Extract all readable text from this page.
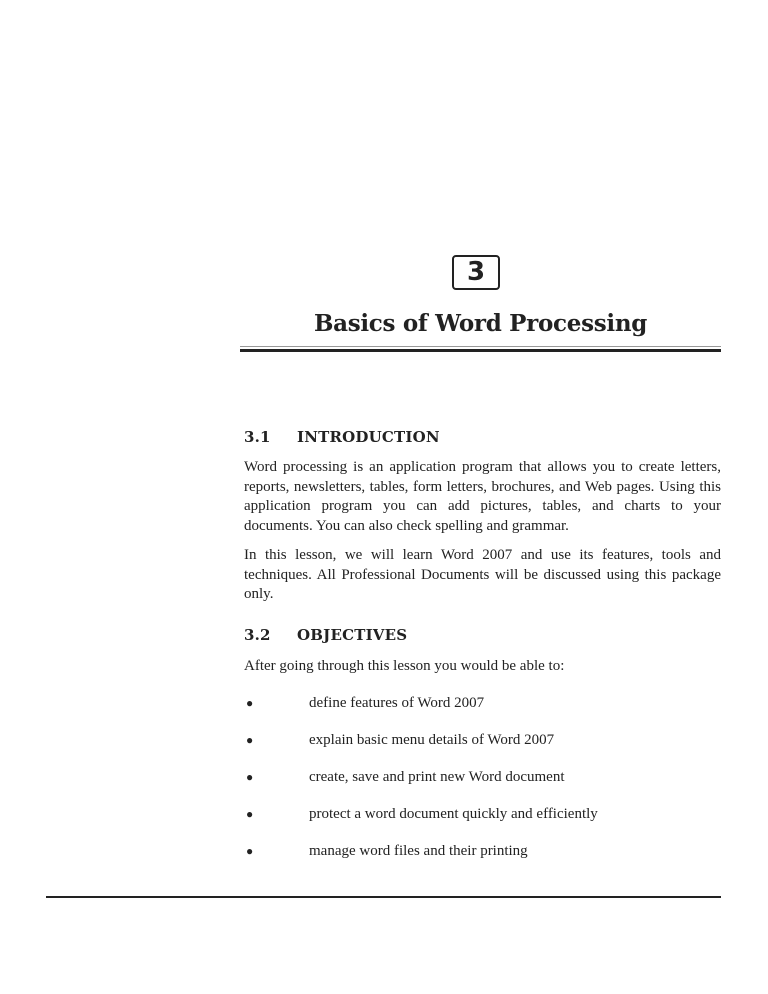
3
Basics of Word Processing
3.1 INTRODUCTION

Word processing is an application program that allows you to create letters, reports, newsletters, tables, form letters, brochures, and Web pages. Using this application program you can add pictures, tables, and charts to your documents. You can also check spelling and grammar.

In this lesson, we will learn Word 2007 and use its features, tools and techniques. All Professional Documents will be discussed using this package only.

3.2 OBJECTIVES

After going through this lesson you would be able to:

●	define features of Word 2007
●	explain basic menu details of Word 2007
●	create, save and print new Word document
●	protect a word document quickly and efficiently
●	manage word files and their printing
